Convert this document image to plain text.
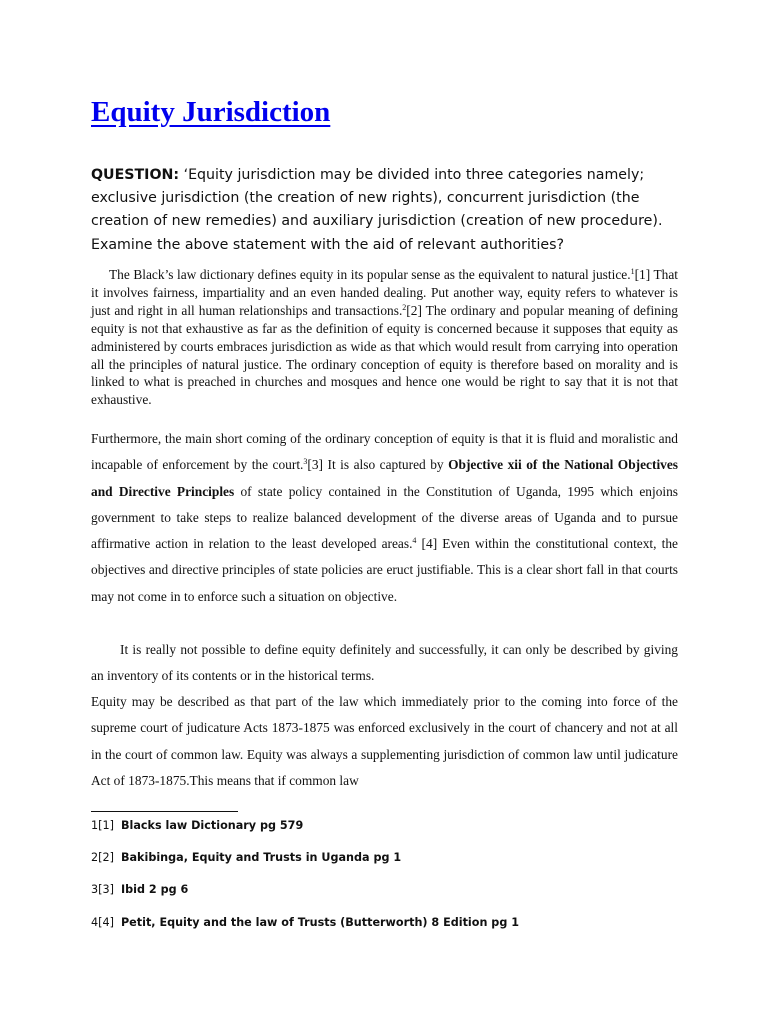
Equity Jurisdiction

QUESTION: ‘Equity jurisdiction may be divided into three categories namely; exclusive jurisdiction (the creation of new rights), concurrent jurisdiction (the creation of new remedies) and auxiliary jurisdiction (creation of new procedure). Examine the above statement with the aid of relevant authorities?

The Black’s law dictionary defines equity in its popular sense as the equivalent to natural justice.$^1$[1] That it involves fairness, impartiality and an even handed dealing. Put another way, equity refers to whatever is just and right in all human relationships and transactions.$^2$[2] The ordinary and popular meaning of defining equity is not that exhaustive as far as the definition of equity is concerned because it supposes that equity as administered by courts embraces jurisdiction as wide as that which would result from carrying into operation all the principles of natural justice. The ordinary conception of equity is therefore based on morality and is linked to what is preached in churches and mosques and hence one would be right to say that it is not that exhaustive.

Furthermore, the main short coming of the ordinary conception of equity is that it is fluid and moralistic and incapable of enforcement by the court.$^3$[3] It is also captured by Objective xii of the National Objectives and Directive Principles of state policy contained in the Constitution of Uganda, 1995 which enjoins government to take steps to realize balanced development of the diverse areas of Uganda and to pursue affirmative action in relation to the least developed areas.$^4$ [4] Even within the constitutional context, the objectives and directive principles of state policies are eruct justifiable. This is a clear short fall in that courts may not come in to enforce such a situation on objective.

It is really not possible to define equity definitely and successfully, it can only be described by giving an inventory of its contents or in the historical terms.

Equity may be described as that part of the law which immediately prior to the coming into force of the supreme court of judicature Acts 1873-1875 was enforced exclusively in the court of chancery and not at all in the court of common law. Equity was always a supplementing jurisdiction of common law until judicature Act of 1873-1875.This means that if common law

1[1] Blacks law Dictionary pg 579

2[2] Bakibinga, Equity and Trusts in Uganda pg 1

3[3] Ibid 2 pg 6

4[4] Petit, Equity and the law of Trusts (Butterworth) 8 Edition pg 1
